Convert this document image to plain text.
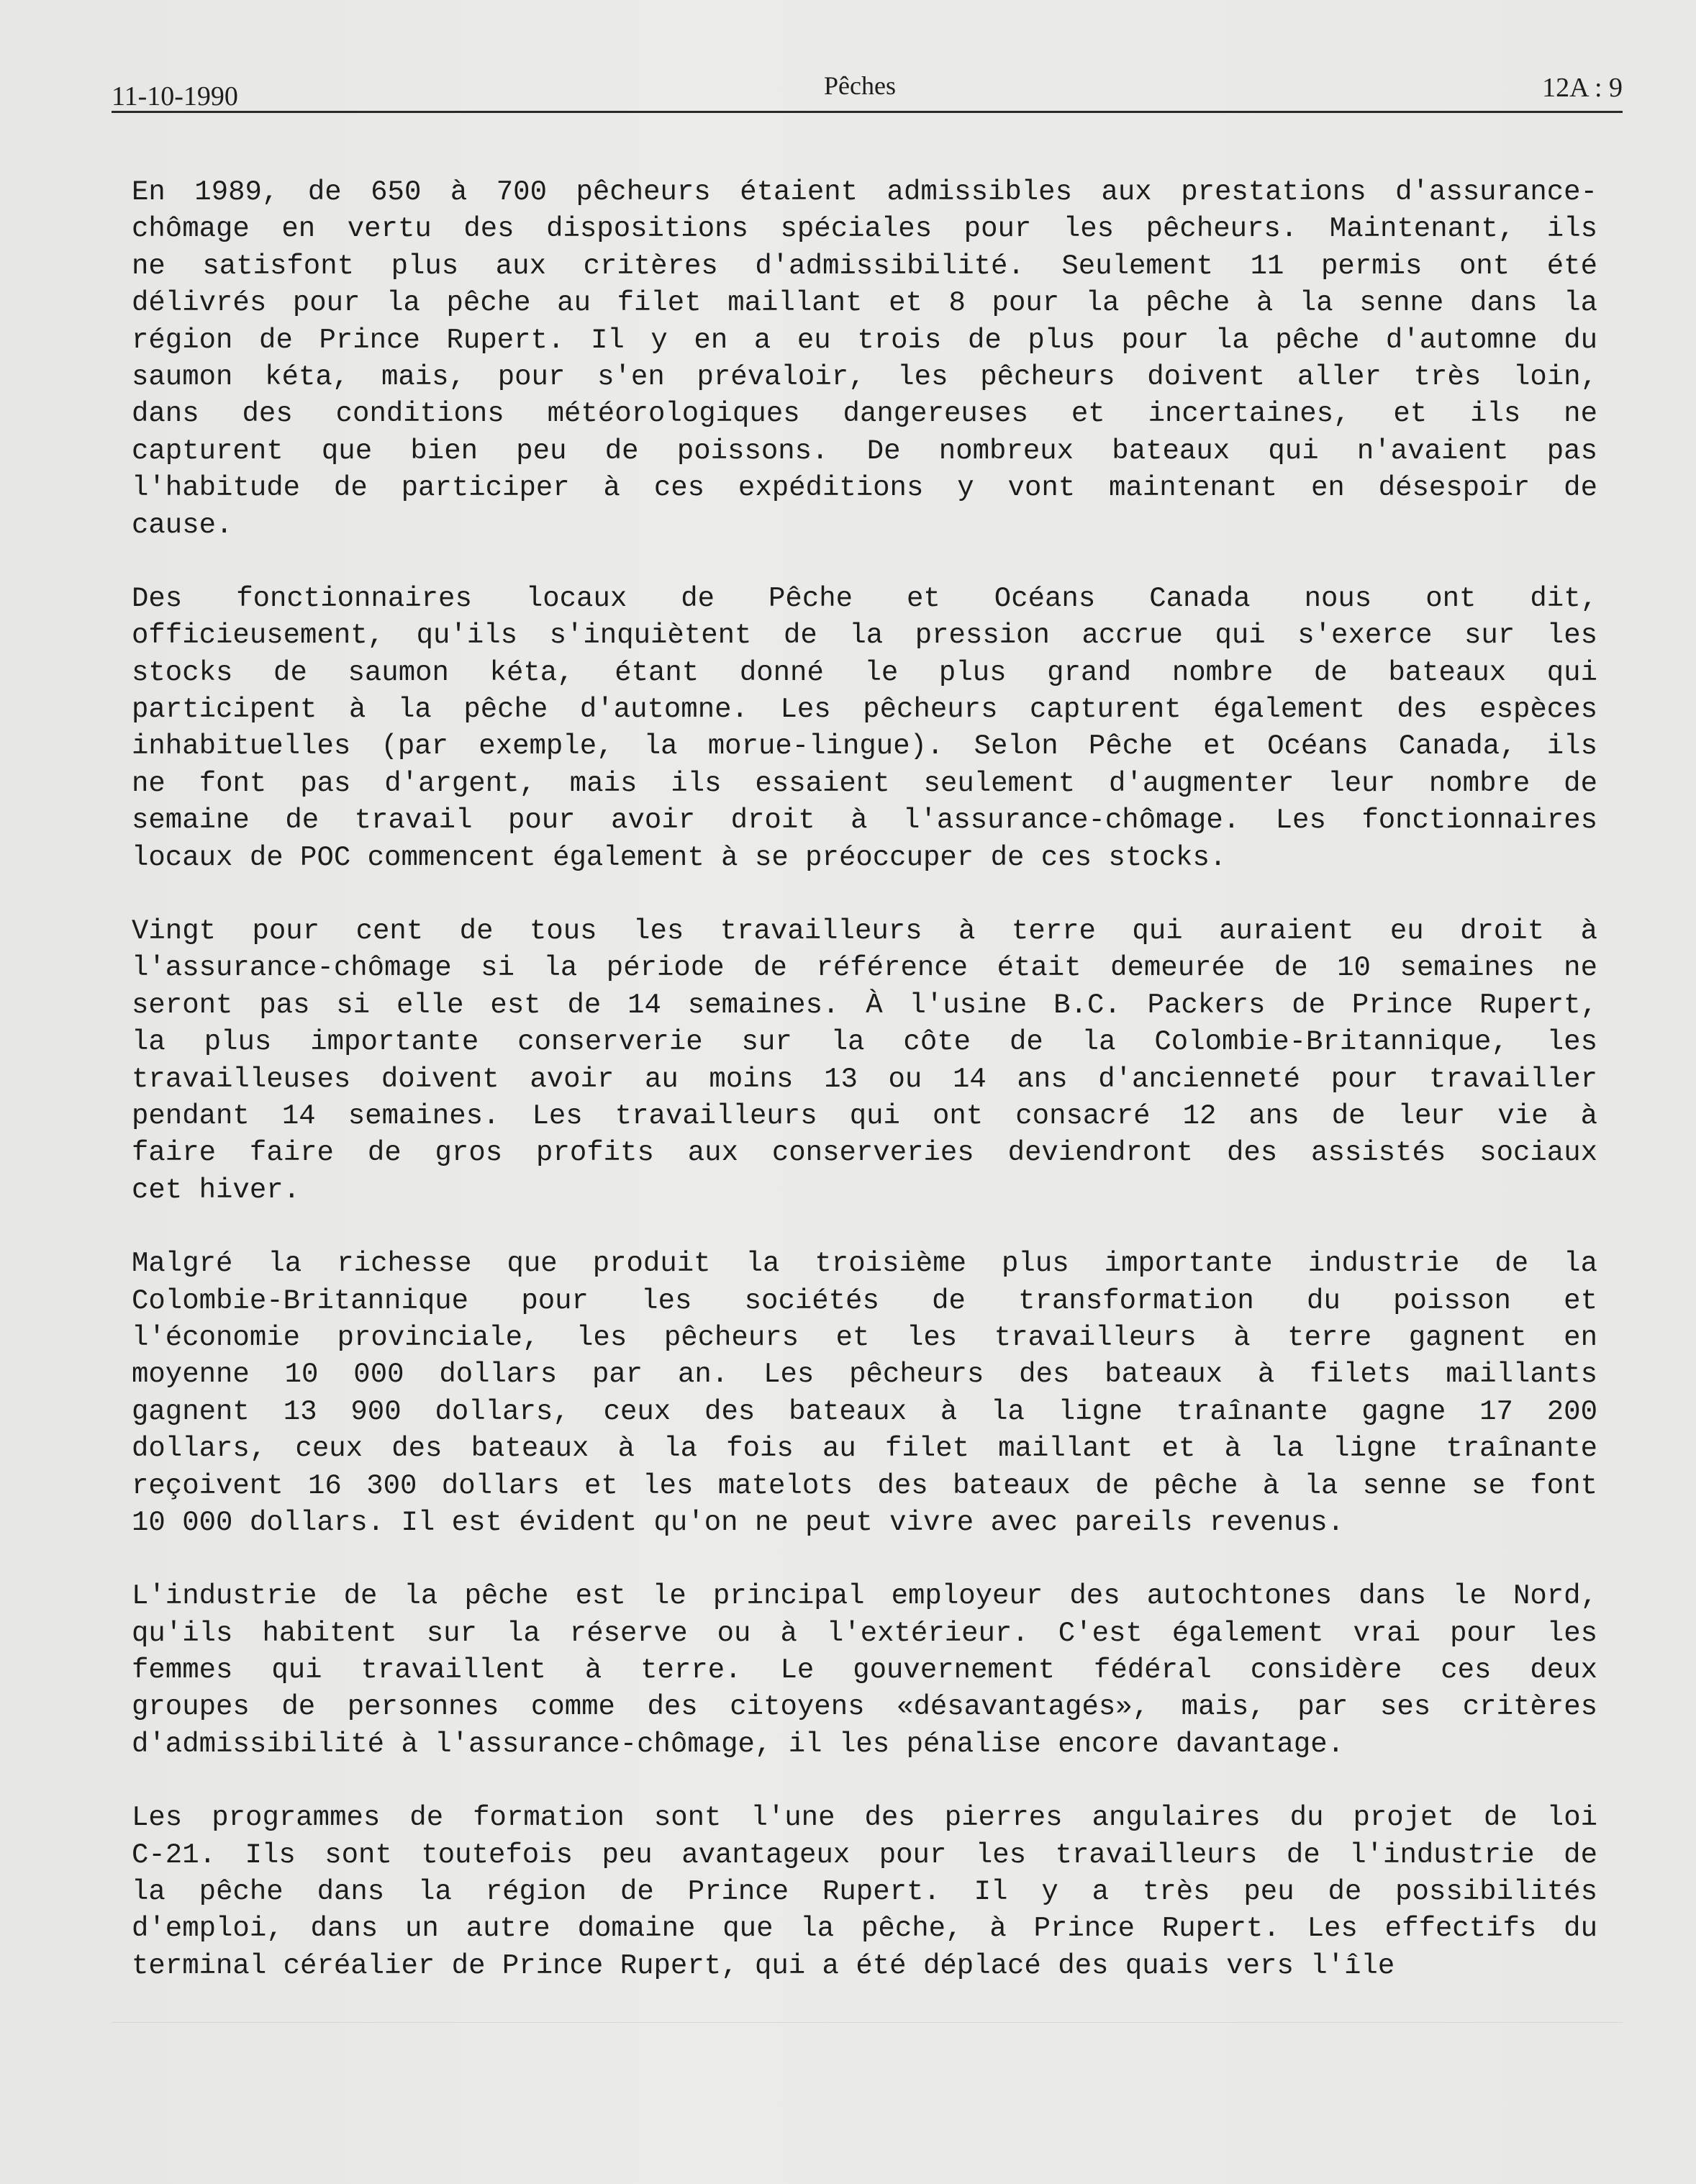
11-10-1990	Pêches	12A : 9
En 1989, de 650 à 700 pêcheurs étaient admissibles aux prestations d'assurance-
chômage en vertu des dispositions spéciales pour les pêcheurs. Maintenant, ils
ne satisfont plus aux critères d'admissibilité. Seulement 11 permis ont été
délivrés pour la pêche au filet maillant et 8 pour la pêche à la senne dans la
région de Prince Rupert. Il y en a eu trois de plus pour la pêche d'automne du
saumon kéta, mais, pour s'en prévaloir, les pêcheurs doivent aller très loin,
dans des conditions météorologiques dangereuses et incertaines, et ils ne
capturent que bien peu de poissons. De nombreux bateaux qui n'avaient pas
l'habitude de participer à ces expéditions y vont maintenant en désespoir de
cause.
Des fonctionnaires locaux de Pêche et Océans Canada nous ont dit,
officieusement, qu'ils s'inquiètent de la pression accrue qui s'exerce sur les
stocks de saumon kéta, étant donné le plus grand nombre de bateaux qui
participent à la pêche d'automne. Les pêcheurs capturent également des espèces
inhabituelles (par exemple, la morue-lingue). Selon Pêche et Océans Canada, ils
ne font pas d'argent, mais ils essaient seulement d'augmenter leur nombre de
semaine de travail pour avoir droit à l'assurance-chômage. Les fonctionnaires
locaux de POC commencent également à se préoccuper de ces stocks.
Vingt pour cent de tous les travailleurs à terre qui auraient eu droit à
l'assurance-chômage si la période de référence était demeurée de 10 semaines ne
seront pas si elle est de 14 semaines. À l'usine B.C. Packers de Prince Rupert,
la plus importante conserverie sur la côte de la Colombie-Britannique, les
travailleuses doivent avoir au moins 13 ou 14 ans d'ancienneté pour travailler
pendant 14 semaines. Les travailleurs qui ont consacré 12 ans de leur vie à
faire faire de gros profits aux conserveries deviendront des assistés sociaux
cet hiver.
Malgré la richesse que produit la troisième plus importante industrie de la
Colombie-Britannique pour les sociétés de transformation du poisson et
l'économie provinciale, les pêcheurs et les travailleurs à terre gagnent en
moyenne 10 000 dollars par an. Les pêcheurs des bateaux à filets maillants
gagnent 13 900 dollars, ceux des bateaux à la ligne traînante gagne 17 200
dollars, ceux des bateaux à la fois au filet maillant et à la ligne traînante
reçoivent 16 300 dollars et les matelots des bateaux de pêche à la senne se font
10 000 dollars. Il est évident qu'on ne peut vivre avec pareils revenus.
L'industrie de la pêche est le principal employeur des autochtones dans le Nord,
qu'ils habitent sur la réserve ou à l'extérieur. C'est également vrai pour les
femmes qui travaillent à terre. Le gouvernement fédéral considère ces deux
groupes de personnes comme des citoyens «désavantagés», mais, par ses critères
d'admissibilité à l'assurance-chômage, il les pénalise encore davantage.
Les programmes de formation sont l'une des pierres angulaires du projet de loi
C-21. Ils sont toutefois peu avantageux pour les travailleurs de l'industrie de
la pêche dans la région de Prince Rupert. Il y a très peu de possibilités
d'emploi, dans un autre domaine que la pêche, à Prince Rupert. Les effectifs du
terminal céréalier de Prince Rupert, qui a été déplacé des quais vers l'île
